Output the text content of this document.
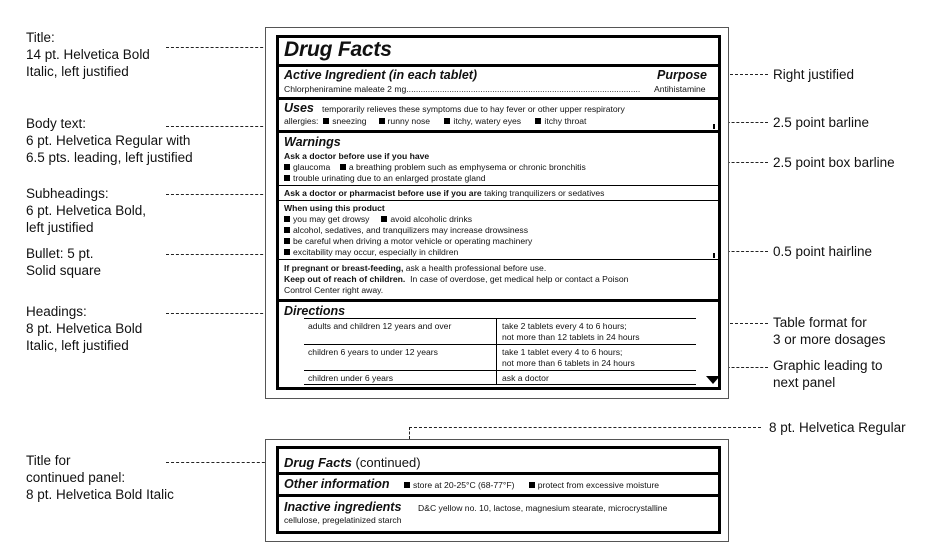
Title:
14 pt. Helvetica Bold
Italic, left justified
Body text:
6 pt. Helvetica Regular with
6.5 pts. leading, left justified
Subheadings:
6 pt. Helvetica Bold,
left justified
Bullet: 5 pt.
Solid square
Headings:
8 pt. Helvetica Bold
Italic, left justified
Title for
continued panel:
8 pt. Helvetica Bold Italic
Right justified
2.5 point barline
2.5 point box barline
0.5 point hairline
Table format for
3 or more dosages
Graphic leading to
next panel
8 pt. Helvetica Regular
Drug Facts
Active Ingredient (in each tablet)	Purpose
Chlorpheniramine maleate 2 mg..................................................................................................	Antihistamine
Uses temporarily relieves these symptoms due to hay fever or other upper respiratory
allergies: sneezing runny nose	itchy, watery eyes	itchy throat
Warnings
Ask a doctor before use if you have
glaucoma a breathing problem such as emphysema or chronic bronchitis
trouble urinating due to an enlarged prostate gland
Ask a doctor or pharmacist before use if you are taking tranquilizers or sedatives
When using this product
you may get drowsy avoid alcoholic drinks
alcohol, sedatives, and tranquilizers may increase drowsiness
be careful when driving a motor vehicle or operating machinery
excitability may occur, especially in children
If pregnant or breast-feeding, ask a health professional before use.
Keep out of reach of children. In case of overdose, get medical help or contact a Poison
Control Center right away.
Directions
adults and children 12 years and over	take 2 tablets every 4 to 6 hours;
not more than 12 tablets in 24 hours
children 6 years to under 12 years	take 1 tablet every 4 to 6 hours;
not more than 6 tablets in 24 hours
children under 6 years	ask a doctor
Drug Facts (continued)
Other information	store at 20-25°C (68-77°F)	protect from excessive moisture
Inactive ingredients D&C yellow no. 10, lactose, magnesium stearate, microcrystalline
cellulose, pregelatinized starch
